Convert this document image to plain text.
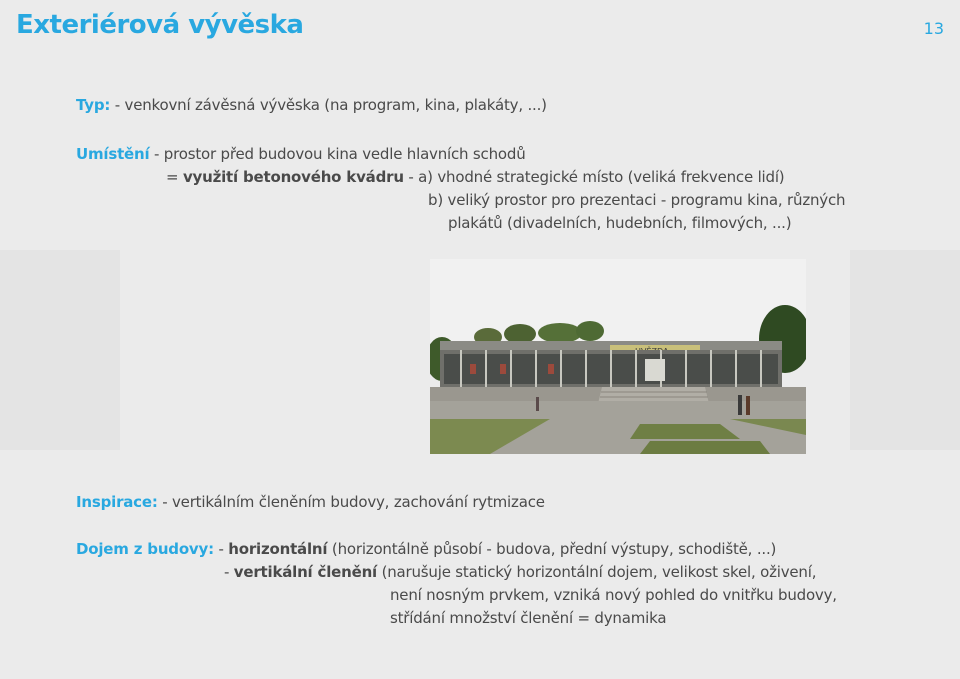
Exteriérová vývěska	13
Typ: - venkovní závěsná vývěska (na program, kina, plakáty, ...)
Umístění - prostor před budovou kina vedle hlavních schodů
= využití betonového kvádru - a) vhodné strategické místo (veliká frekvence lidí)
b) veliký prostor pro prezentaci - programu kina, různých
plakátů (divadelních, hudebních, filmových, ...)
Inspirace: - vertikálním členěním budovy, zachování rytmizace
Dojem z budovy: - horizontální (horizontálně působí - budova, přední výstupy, schodiště, ...)
- vertikální členění (narušuje statický horizontální dojem, velikost skel, oživení,
není nosným prvkem, vzniká nový pohled do vnitřku budovy,
střídání množství členění = dynamika
